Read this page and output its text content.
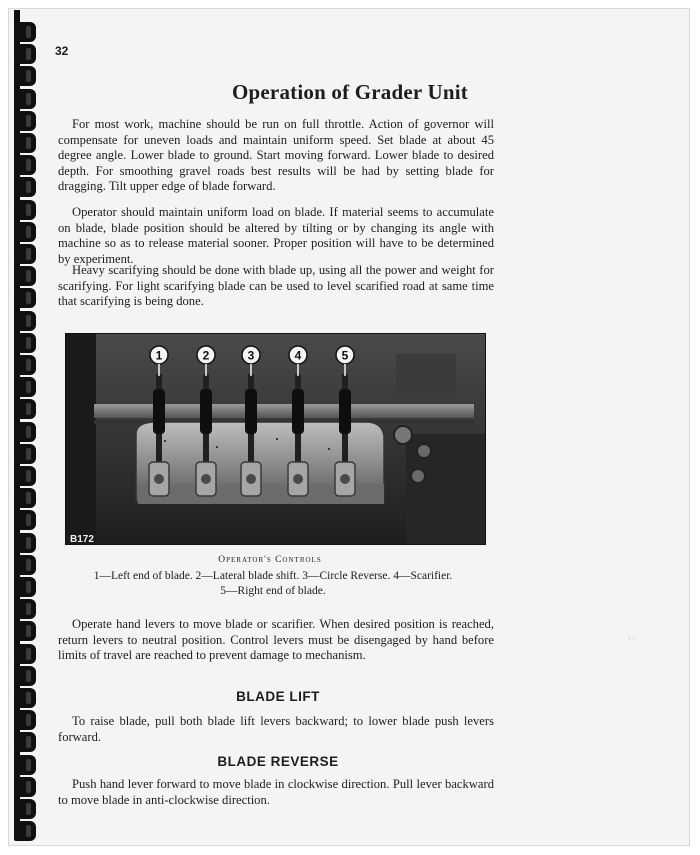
32
Operation of Grader Unit

For most work, machine should be run on full throttle. Action of governor will compensate for uneven loads and maintain uniform speed. Set blade at about 45 degree angle. Lower blade to ground. Start moving forward. Lower blade to desired depth. For smoothing gravel roads best results will be had by setting blade for dragging. Tilt upper edge of blade forward.

Operator should maintain uniform load on blade. If material seems to accumulate on blade, blade position should be altered by tilting or by changing its angle with machine so as to release material sooner. Proper position will have to be determined by experiment.

Heavy scarifying should be done with blade up, using all the power and weight for scarifying. For light scarifying blade can be used to level scarified road at same time that scarifying is being done.

1	2	3	4	5
B172
Operator's Controls
1—Left end of blade. 2—Lateral blade shift. 3—Circle Reverse. 4—Scarifier.
5—Right end of blade.

Operate hand levers to move blade or scarifier. When desired position is reached, return levers to neutral position. Control levers must be disengaged by hand before limits of travel are reached to prevent damage to mechanism.

BLADE LIFT

To raise blade, pull both blade lift levers backward; to lower blade push levers forward.

BLADE REVERSE

Push hand lever forward to move blade in clockwise direction. Pull lever backward to move blade in anti-clockwise direction.

· ·
